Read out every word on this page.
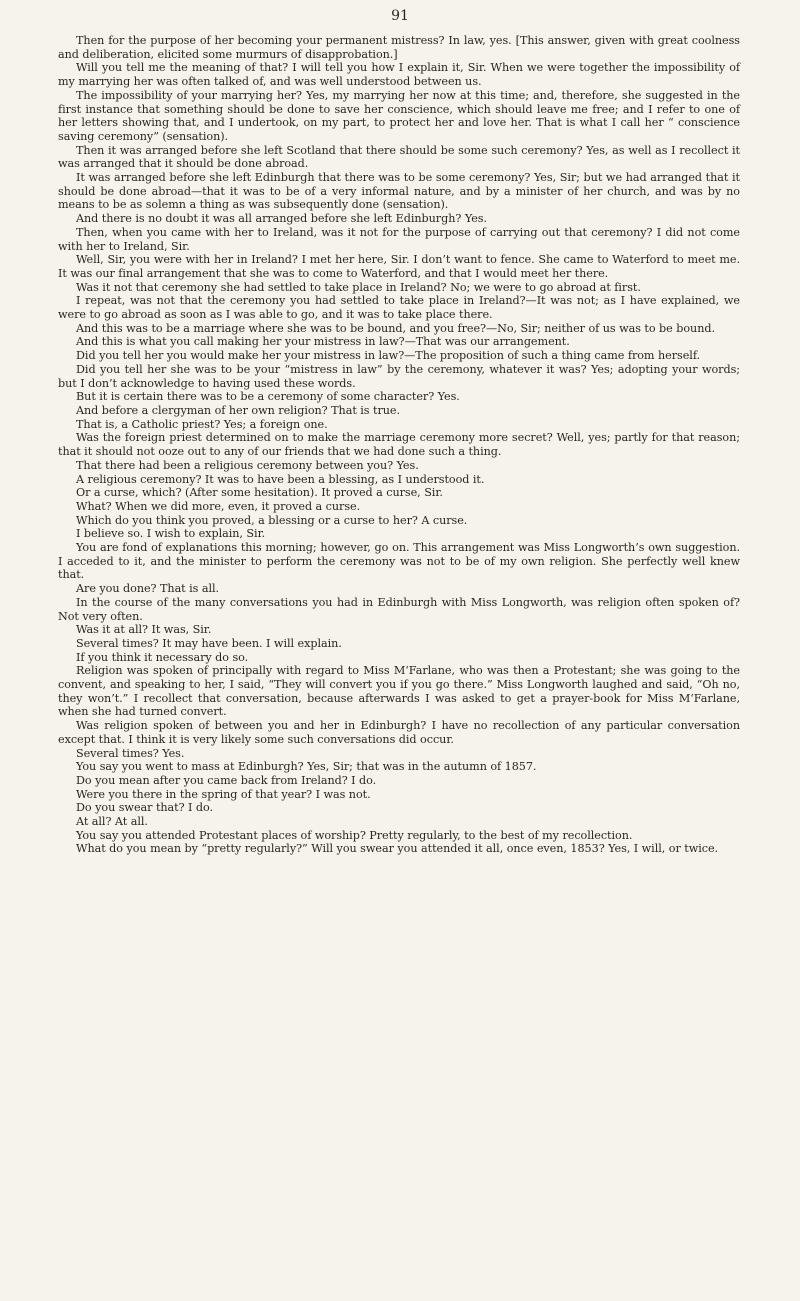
91

Then for the purpose of her becoming your permanent mistress? In law, yes. [This answer, given with great coolness and deliberation, elicited some murmurs of disapprobation.]

Will you tell me the meaning of that? I will tell you how I explain it, Sir. When we were together the impossibility of my marrying her was often talked of, and was well understood between us.

The impossibility of your marrying her? Yes, my marrying her now at this time; and, therefore, she suggested in the first instance that something should be done to save her conscience, which should leave me free; and I refer to one of her letters showing that, and I undertook, on my part, to protect her and love her. That is what I call her “ conscience saving ceremony” (sensation).

Then it was arranged before she left Scotland that there should be some such ceremony? Yes, as well as I recollect it was arranged that it should be done abroad.

It was arranged before she left Edinburgh that there was to be some ceremony? Yes, Sir; but we had arranged that it should be done abroad—that it was to be of a very informal nature, and by a minister of her church, and was by no means to be as solemn a thing as was subsequently done (sensation).

And there is no doubt it was all arranged before she left Edinburgh? Yes.

Then, when you came with her to Ireland, was it not for the purpose of carrying out that ceremony? I did not come with her to Ireland, Sir.

Well, Sir, you were with her in Ireland? I met her here, Sir. I don’t want to fence. She came to Waterford to meet me. It was our final arrangement that she was to come to Waterford, and that I would meet her there.

Was it not that ceremony she had settled to take place in Ireland? No; we were to go abroad at first.

I repeat, was not that the ceremony you had settled to take place in Ireland?—It was not; as I have explained, we were to go abroad as soon as I was able to go, and it was to take place there.

And this was to be a marriage where she was to be bound, and you free?—No, Sir; neither of us was to be bound.

And this is what you call making her your mistress in law?—That was our arrangement.

Did you tell her you would make her your mistress in law?—The proposition of such a thing came from herself.

Did you tell her she was to be your “mistress in law” by the ceremony, whatever it was? Yes; adopting your words; but I don’t acknowledge to having used these words.

But it is certain there was to be a ceremony of some character? Yes.

And before a clergyman of her own religion? That is true.

That is, a Catholic priest? Yes; a foreign one.

Was the foreign priest determined on to make the marriage ceremony more secret? Well, yes; partly for that reason; that it should not ooze out to any of our friends that we had done such a thing.

That there had been a religious ceremony between you? Yes.

A religious ceremony? It was to have been a blessing, as I understood it.

Or a curse, which? (After some hesitation). It proved a curse, Sir.

What? When we did more, even, it proved a curse.

Which do you think you proved, a blessing or a curse to her? A curse.

I believe so. I wish to explain, Sir.

You are fond of explanations this morning; however, go on. This arrangement was Miss Longworth’s own suggestion. I acceded to it, and the minister to perform the ceremony was not to be of my own religion. She perfectly well knew that.

Are you done? That is all.

In the course of the many conversations you had in Edinburgh with Miss Longworth, was religion often spoken of? Not very often.

Was it at all? It was, Sir.

Several times? It may have been. I will explain.

If you think it necessary do so.

Religion was spoken of principally with regard to Miss M‘Farlane, who was then a Protestant; she was going to the convent, and speaking to her, I said, “They will convert you if you go there.” Miss Longworth laughed and said, “Oh no, they won’t.” I recollect that conversation, because afterwards I was asked to get a prayer-book for Miss M‘Farlane, when she had turned convert.

Was religion spoken of between you and her in Edinburgh? I have no recollection of any particular conversation except that. I think it is very likely some such conversations did occur.

Several times? Yes.

You say you went to mass at Edinburgh? Yes, Sir; that was in the autumn of 1857.

Do you mean after you came back from Ireland? I do.

Were you there in the spring of that year? I was not.

Do you swear that? I do.

At all? At all.

You say you attended Protestant places of worship? Pretty regularly, to the best of my recollection.

What do you mean by “pretty regularly?” Will you swear you attended it all, once even, 1853? Yes, I will, or twice.
